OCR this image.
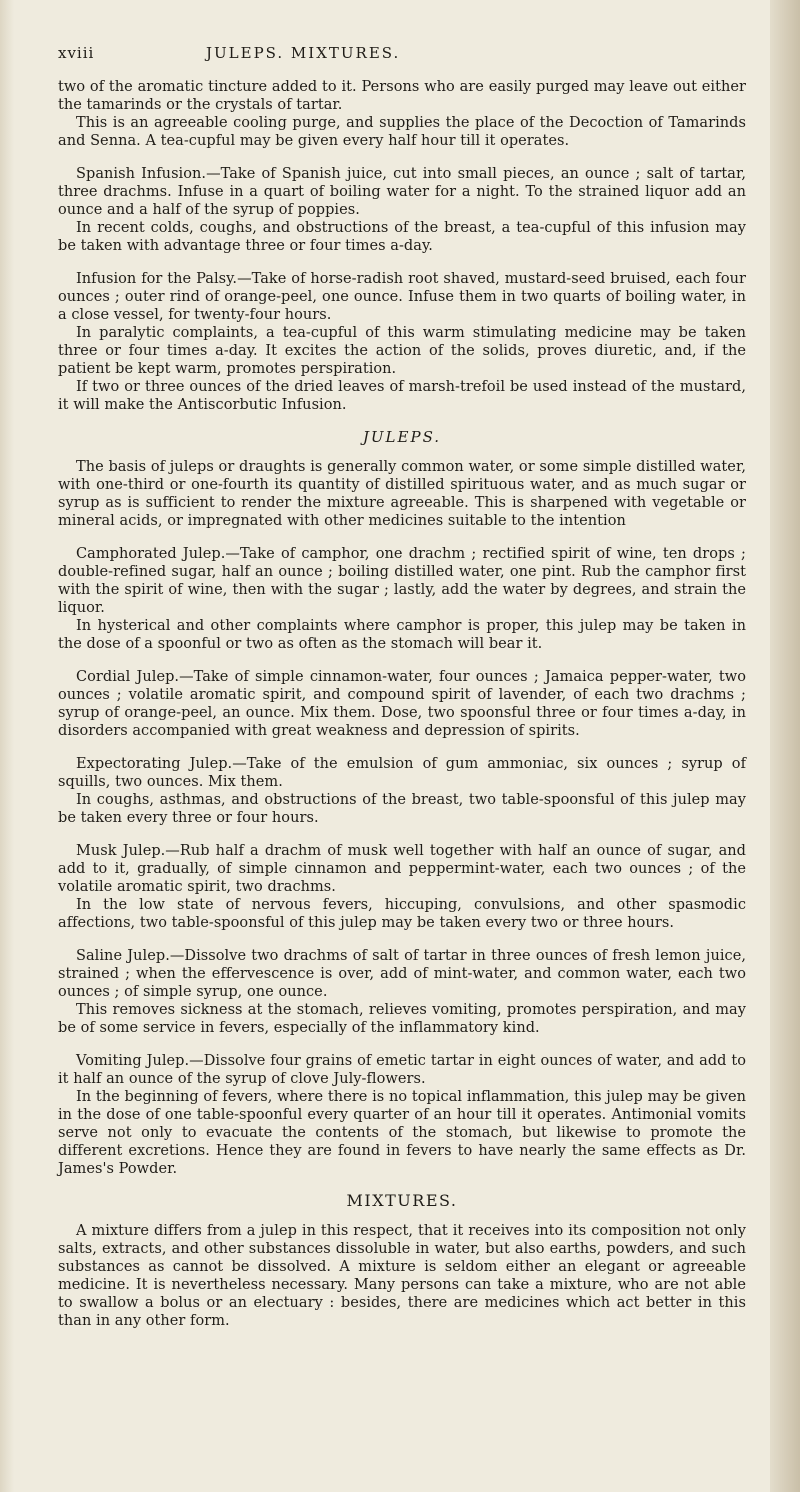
xviii	JULEPS. MIXTURES.

two of the aromatic tincture added to it. Persons who are easily purged may leave out either the tamarinds or the crystals of tartar.

This is an agreeable cooling purge, and supplies the place of the Decoction of Tamarinds and Senna. A tea-cupful may be given every half hour till it operates.

Spanish Infusion.—Take of Spanish juice, cut into small pieces, an ounce ; salt of tartar, three drachms. Infuse in a quart of boiling water for a night. To the strained liquor add an ounce and a half of the syrup of poppies.

In recent colds, coughs, and obstructions of the breast, a tea-cupful of this infusion may be taken with advantage three or four times a-day.

Infusion for the Palsy.—Take of horse-radish root shaved, mustard-seed bruised, each four ounces ; outer rind of orange-peel, one ounce. Infuse them in two quarts of boiling water, in a close vessel, for twenty-four hours.

In paralytic complaints, a tea-cupful of this warm stimulating medicine may be taken three or four times a-day. It excites the action of the solids, proves diuretic, and, if the patient be kept warm, promotes perspiration.

If two or three ounces of the dried leaves of marsh-trefoil be used instead of the mustard, it will make the Antiscorbutic Infusion.

JULEPS.

The basis of juleps or draughts is generally common water, or some simple distilled water, with one-third or one-fourth its quantity of distilled spirituous water, and as much sugar or syrup as is sufficient to render the mixture agreeable. This is sharpened with vegetable or mineral acids, or impregnated with other medicines suitable to the intention

Camphorated Julep.—Take of camphor, one drachm ; rectified spirit of wine, ten drops ; double-refined sugar, half an ounce ; boiling distilled water, one pint. Rub the camphor first with the spirit of wine, then with the sugar ; lastly, add the water by degrees, and strain the liquor.

In hysterical and other complaints where camphor is proper, this julep may be taken in the dose of a spoonful or two as often as the stomach will bear it.

Cordial Julep.—Take of simple cinnamon-water, four ounces ; Jamaica pepper-water, two ounces ; volatile aromatic spirit, and compound spirit of lavender, of each two drachms ; syrup of orange-peel, an ounce. Mix them. Dose, two spoonsful three or four times a-day, in disorders accompanied with great weakness and depression of spirits.

Expectorating Julep.—Take of the emulsion of gum ammoniac, six ounces ; syrup of squills, two ounces. Mix them.

In coughs, asthmas, and obstructions of the breast, two table-spoonsful of this julep may be taken every three or four hours.

Musk Julep.—Rub half a drachm of musk well together with half an ounce of sugar, and add to it, gradually, of simple cinnamon and peppermint-water, each two ounces ; of the volatile aromatic spirit, two drachms.

In the low state of nervous fevers, hiccuping, convulsions, and other spasmodic affections, two table-spoonsful of this julep may be taken every two or three hours.

Saline Julep.—Dissolve two drachms of salt of tartar in three ounces of fresh lemon juice, strained ; when the effervescence is over, add of mint-water, and common water, each two ounces ; of simple syrup, one ounce.

This removes sickness at the stomach, relieves vomiting, promotes perspiration, and may be of some service in fevers, especially of the inflammatory kind.

Vomiting Julep.—Dissolve four grains of emetic tartar in eight ounces of water, and add to it half an ounce of the syrup of clove July-flowers.

In the beginning of fevers, where there is no topical inflammation, this julep may be given in the dose of one table-spoonful every quarter of an hour till it operates. Antimonial vomits serve not only to evacuate the contents of the stomach, but likewise to promote the different excretions. Hence they are found in fevers to have nearly the same effects as Dr. James's Powder.

MIXTURES.

A mixture differs from a julep in this respect, that it receives into its composition not only salts, extracts, and other substances dissoluble in water, but also earths, powders, and such substances as cannot be dissolved. A mixture is seldom either an elegant or agreeable medicine. It is nevertheless necessary. Many persons can take a mixture, who are not able to swallow a bolus or an electuary : besides, there are medicines which act better in this than in any other form.
